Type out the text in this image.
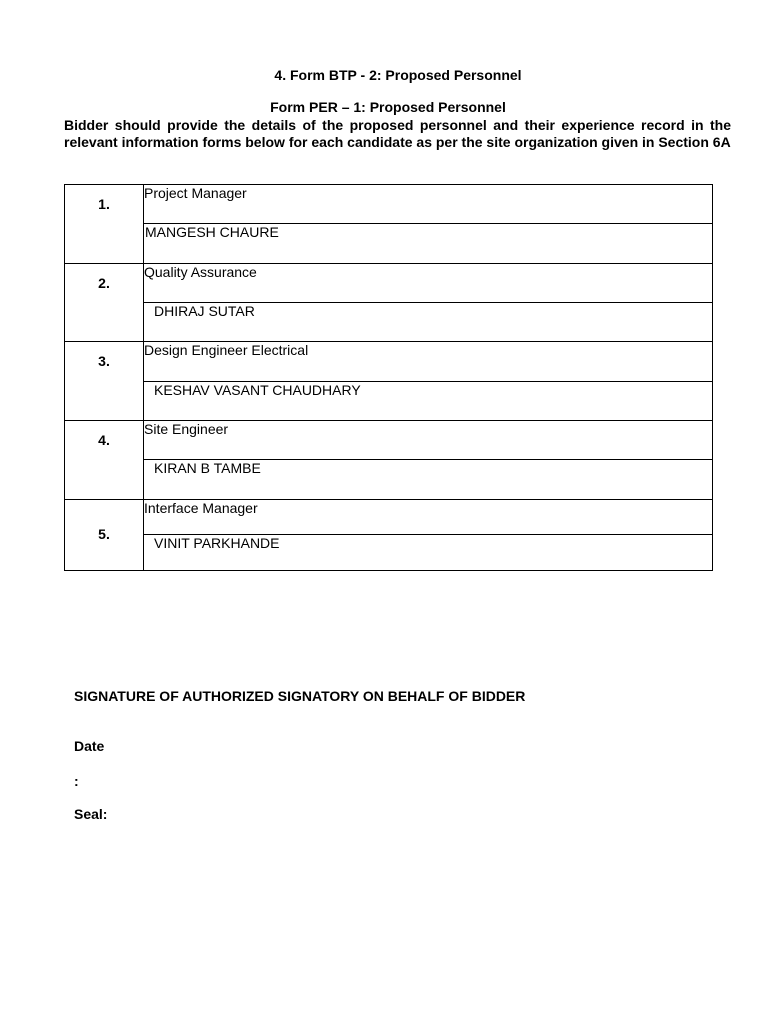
4. Form BTP - 2: Proposed Personnel
Form PER – 1: Proposed Personnel
Bidder should provide the details of the proposed personnel and their experience record in the relevant information forms below for each candidate as per the site organization given in Section 6A
1.	Project Manager

	MANGESH CHAURE

2.	Quality Assurance

	DHIRAJ SUTAR

3.	Design Engineer Electrical

	KESHAV VASANT CHAUDHARY

4.	Site Engineer

	KIRAN B TAMBE

5.	Interface Manager

	VINIT PARKHANDE
SIGNATURE OF AUTHORIZED SIGNATORY ON BEHALF OF BIDDER
Date
:
Seal:
